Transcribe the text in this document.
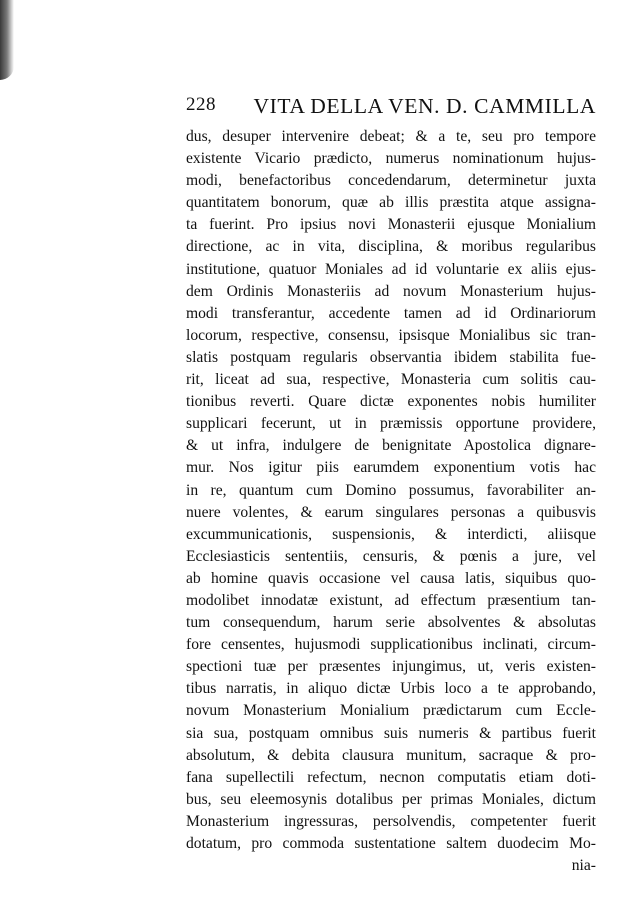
228 VITA DELLA VEN. D. CAMMILLA
dus, desuper intervenire debeat; & a te, seu pro tempore
existente Vicario prædicto, numerus nominationum hujus-
modi, benefactoribus concedendarum, determinetur juxta
quantitatem bonorum, quæ ab illis præstita atque assigna-
ta fuerint. Pro ipsius novi Monasterii ejusque Monialium
directione, ac in vita, disciplina, & moribus regularibus
institutione, quatuor Moniales ad id voluntarie ex aliis ejus-
dem Ordinis Monasteriis ad novum Monasterium hujus-
modi transferantur, accedente tamen ad id Ordinariorum
locorum, respective, consensu, ipsisque Monialibus sic tran-
slatis postquam regularis observantia ibidem stabilita fue-
rit, liceat ad sua, respective, Monasteria cum solitis cau-
tionibus reverti. Quare dictæ exponentes nobis humiliter
supplicari fecerunt, ut in præmissis opportune providere,
& ut infra, indulgere de benignitate Apostolica dignare-
mur. Nos igitur piis earumdem exponentium votis hac
in re, quantum cum Domino possumus, favorabiliter an-
nuere volentes, & earum singulares personas a quibusvis
excummunicationis, suspensionis, & interdicti, aliisque
Ecclesiasticis sententiis, censuris, & pœnis a jure, vel
ab homine quavis occasione vel causa latis, siquibus quo-
modolibet innodatæ existunt, ad effectum præsentium tan-
tum consequendum, harum serie absolventes & absolutas
fore censentes, hujusmodi supplicationibus inclinati, circum-
spectioni tuæ per præsentes injungimus, ut, veris existen-
tibus narratis, in aliquo dictæ Urbis loco a te approbando,
novum Monasterium Monialium prædictarum cum Eccle-
sia sua, postquam omnibus suis numeris & partibus fuerit
absolutum, & debita clausura munitum, sacraque & pro-
fana supellectili refectum, necnon computatis etiam doti-
bus, seu eleemosynis dotalibus per primas Moniales, dictum
Monasterium ingressuras, persolvendis, competenter fuerit
dotatum, pro commoda sustentatione saltem duodecim Mo-
nia-
